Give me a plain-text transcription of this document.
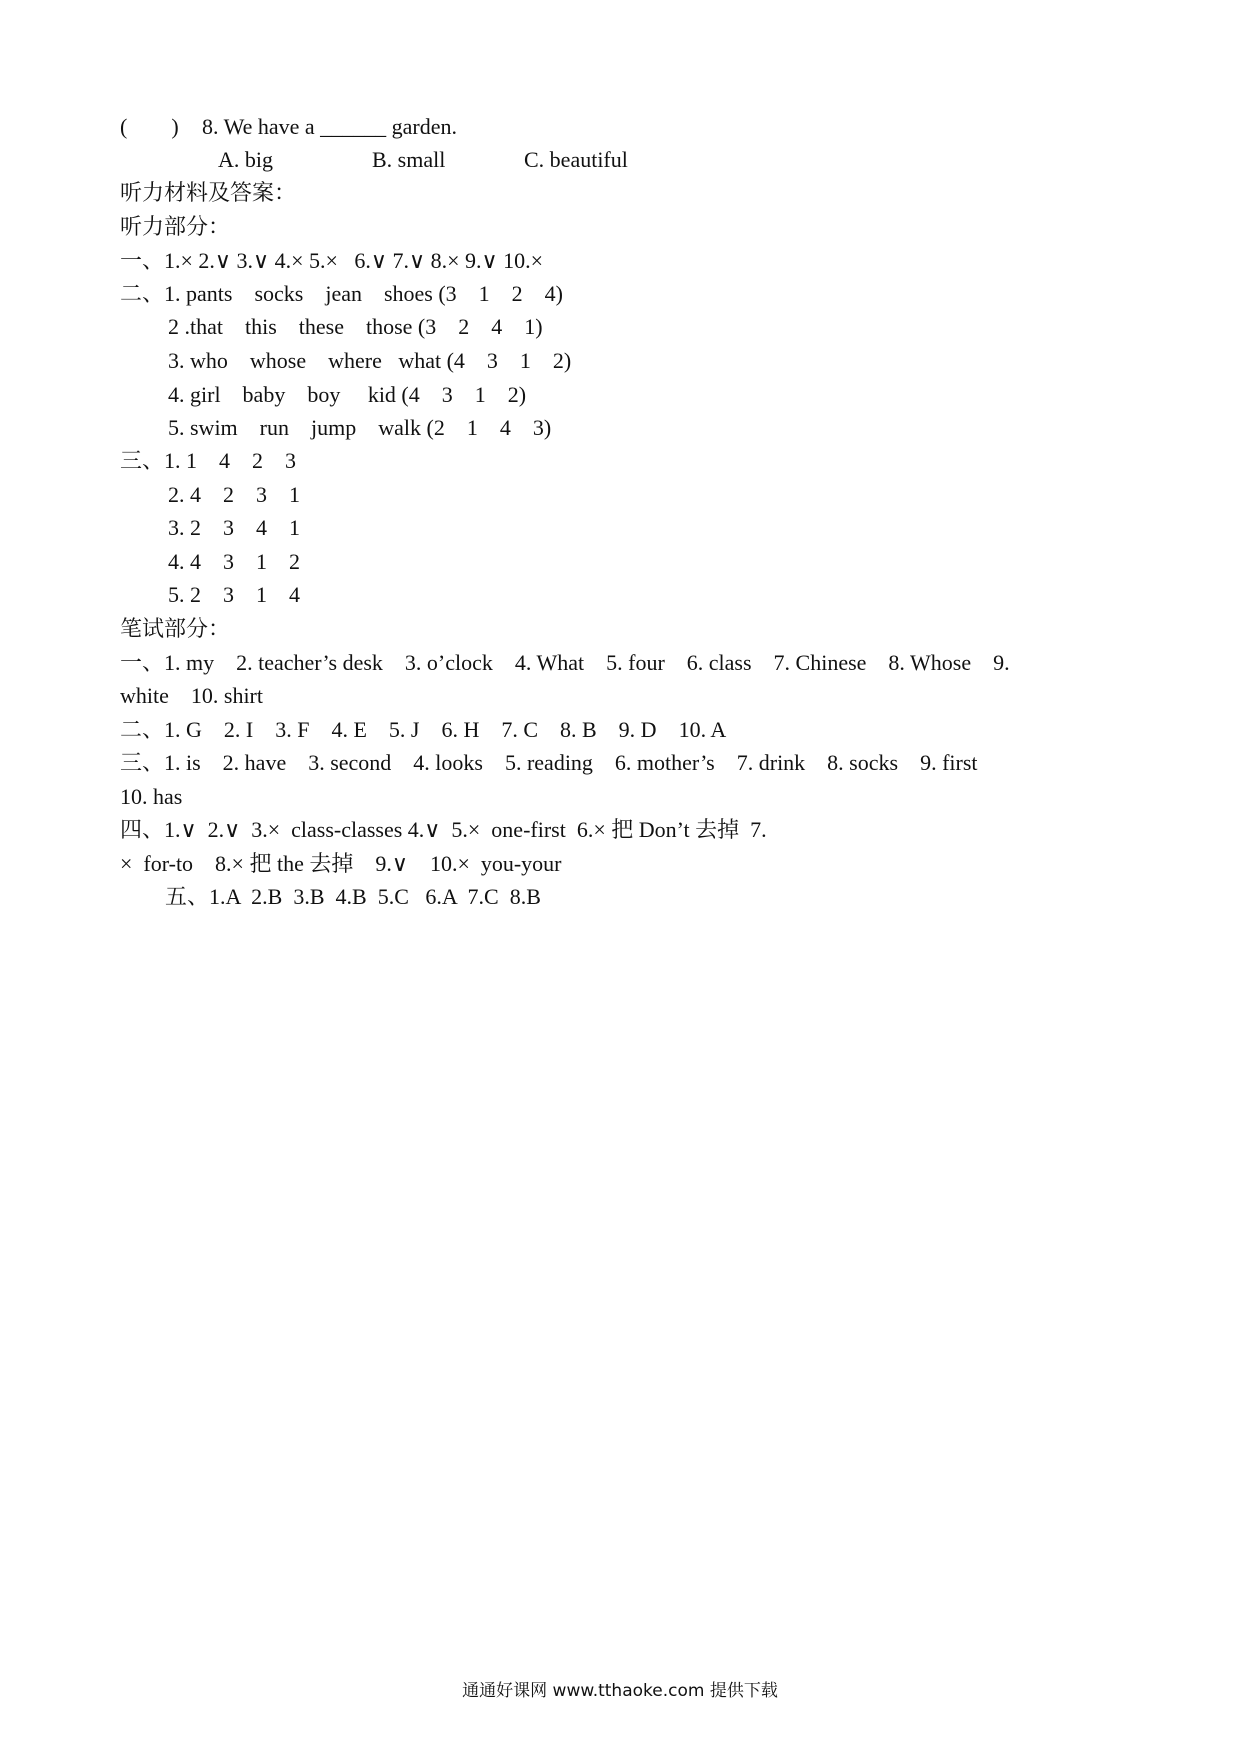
(        ) 8. We have a ______ garden.
A. big	B. small	C. beautiful
听力材料及答案：
听力部分：
一、1.× 2.∨ 3.∨ 4.× 5.×   6.∨ 7.∨ 8.× 9.∨ 10.×
二、1. pants    socks    jean    shoes (3    1    2    4)
2 .that    this    these    those (3    2    4    1)
3. who    whose    where   what (4    3    1    2)
4. girl    baby    boy     kid (4    3    1    2)
5. swim    run    jump    walk (2    1    4    3)
三、1. 1    4    2    3
2. 4    2    3    1
3. 2    3    4    1
4. 4    3    1    2
5. 2    3    1    4
笔试部分：
一、1. my    2. teacher’s desk    3. o’clock    4. What    5. four    6. class    7. Chinese    8. Whose    9.
white    10. shirt
二、1. G    2. I    3. F    4. E    5. J    6. H    7. C    8. B    9. D    10. A
三、1. is    2. have    3. second    4. looks    5. reading    6. mother’s    7. drink    8. socks    9. first
10. has
四、1.∨  2.∨  3.×  class-classes 4.∨  5.×  one-first  6.× 把 Don’t 去掉  7.
×  for-to    8.× 把 the 去掉    9.∨    10.×  you-your
五、1.A  2.B  3.B  4.B  5.C   6.A  7.C  8.B
通通好课网 www.tthaoke.com 提供下载
